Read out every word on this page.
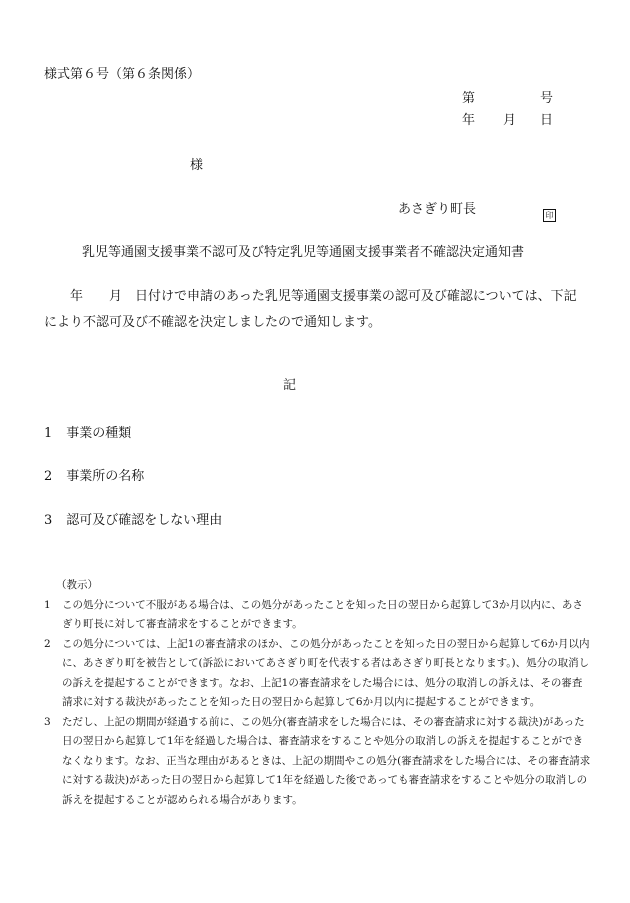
様式第６号（第６条関係）
第	号
年 月 日
様
あさぎり町長	印
乳児等通園支援事業不認可及び特定乳児等通園支援事業者不確認決定通知書
年 月 日付けで申請のあった乳児等通園支援事業の認可及び確認については、下記により不認可及び不確認を決定しましたので通知します。
記
1 事業の種類
2 事業所の名称
3 認可及び確認をしない理由
（教示）
1 この処分について不服がある場合は、この処分があったことを知った日の翌日から起算して3か月以内に、あさぎり町長に対して審査請求をすることができます。
2 この処分については、上記1の審査請求のほか、この処分があったことを知った日の翌日から起算して6か月以内に、あさぎり町を被告として(訴訟においてあさぎり町を代表する者はあさぎり町長となります。)、処分の取消しの訴えを提起することができます。なお、上記1の審査請求をした場合には、処分の取消しの訴えは、その審査請求に対する裁決があったことを知った日の翌日から起算して6か月以内に提起することができます。
3 ただし、上記の期間が経過する前に、この処分(審査請求をした場合には、その審査請求に対する裁決)があった日の翌日から起算して1年を経過した場合は、審査請求をすることや処分の取消しの訴えを提起することができなくなります。なお、正当な理由があるときは、上記の期間やこの処分(審査請求をした場合には、その審査請求に対する裁決)があった日の翌日から起算して1年を経過した後であっても審査請求をすることや処分の取消しの訴えを提起することが認められる場合があります。
